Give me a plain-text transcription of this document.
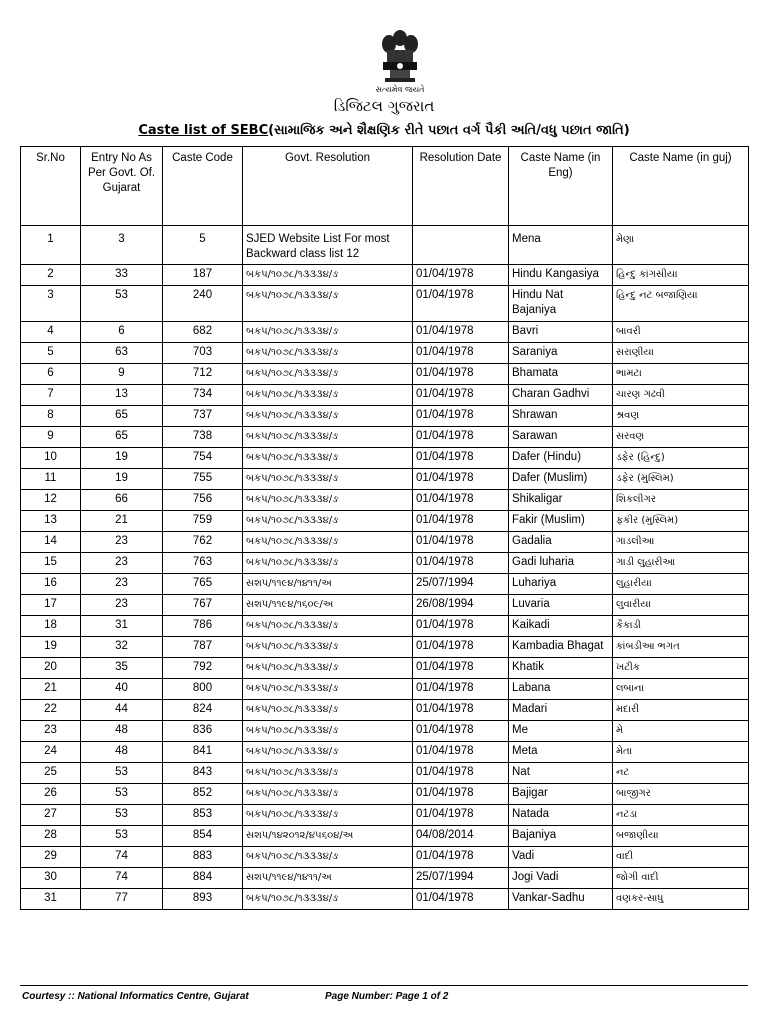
સત્યમેવ જયતે
ડિજિટલ ગુજરાત
Caste list of SEBC(સામાજિક અને શૈક્ષણિક રીતે પછાત વર્ગ પૈકી અતિ/વધુ પછાત જાતિ)
Sr.No	Entry No As Per Govt. Of. Gujarat	Caste Code	Govt. Resolution	Resolution Date	Caste Name (in Eng)	Caste Name (in guj)
1	3	5	SJED Website List For most Backward class list 12		Mena	મેણા
2	33	187	બકપ/૧૦૭૮/૧૩૩૩૪/ઙ	01/04/1978	Hindu Kangasiya	હિન્દુ કાંગસીયા
3	53	240	બકપ/૧૦૭૮/૧૩૩૩૪/ઙ	01/04/1978	Hindu Nat Bajaniya	હિન્દુ નટ બજાણિયા
4	6	682	બકપ/૧૦૭૮/૧૩૩૩૪/ઙ	01/04/1978	Bavri	બાવરી
5	63	703	બકપ/૧૦૭૮/૧૩૩૩૪/ઙ	01/04/1978	Saraniya	સરાણીયા
6	9	712	બકપ/૧૦૭૮/૧૩૩૩૪/ઙ	01/04/1978	Bhamata	ભામટા
7	13	734	બકપ/૧૦૭૮/૧૩૩૩૪/ઙ	01/04/1978	Charan Gadhvi	ચારણ ગઢવી
8	65	737	બકપ/૧૦૭૮/૧૩૩૩૪/ઙ	01/04/1978	Shrawan	શ્રવણ
9	65	738	બકપ/૧૦૭૮/૧૩૩૩૪/ઙ	01/04/1978	Sarawan	સરવણ
10	19	754	બકપ/૧૦૭૮/૧૩૩૩૪/ઙ	01/04/1978	Dafer (Hindu)	ડફેર (હિન્દુ)
11	19	755	બકપ/૧૦૭૮/૧૩૩૩૪/ઙ	01/04/1978	Dafer (Muslim)	ડફેર (મુસ્લિમ)
12	66	756	બકપ/૧૦૭૮/૧૩૩૩૪/ઙ	01/04/1978	Shikaligar	શિકલીગર
13	21	759	બકપ/૧૦૭૮/૧૩૩૩૪/ઙ	01/04/1978	Fakir (Muslim)	ફકીર (મુસ્લિમ)
14	23	762	બકપ/૧૦૭૮/૧૩૩૩૪/ઙ	01/04/1978	Gadalia	ગાડલીઆ
15	23	763	બકપ/૧૦૭૮/૧૩૩૩૪/ઙ	01/04/1978	Gadi luharia	ગાડી લુહારીઆ
16	23	765	સશપ/૧૧૯૪/૧૪૧૧/અ	25/07/1994	Luhariya	લુહારીયા
17	23	767	સશપ/૧૧૯૪/૧૬૦૯/અ	26/08/1994	Luvaria	લુવારીયા
18	31	786	બકપ/૧૦૭૮/૧૩૩૩૪/ઙ	01/04/1978	Kaikadi	કૈકાડી
19	32	787	બકપ/૧૦૭૮/૧૩૩૩૪/ઙ	01/04/1978	Kambadia Bhagat	કાંબડીઆ ભગત
20	35	792	બકપ/૧૦૭૮/૧૩૩૩૪/ઙ	01/04/1978	Khatik	ખટીક
21	40	800	બકપ/૧૦૭૮/૧૩૩૩૪/ઙ	01/04/1978	Labana	લબાના
22	44	824	બકપ/૧૦૭૮/૧૩૩૩૪/ઙ	01/04/1978	Madari	મદારી
23	48	836	બકપ/૧૦૭૮/૧૩૩૩૪/ઙ	01/04/1978	Me	મે
24	48	841	બકપ/૧૦૭૮/૧૩૩૩૪/ઙ	01/04/1978	Meta	મેતા
25	53	843	બકપ/૧૦૭૮/૧૩૩૩૪/ઙ	01/04/1978	Nat	નટ
26	53	852	બકપ/૧૦૭૮/૧૩૩૩૪/ઙ	01/04/1978	Bajigar	બાજીગર
27	53	853	બકપ/૧૦૭૮/૧૩૩૩૪/ઙ	01/04/1978	Natada	નટડા
28	53	854	સશપ/૧૪૨૦૧૨/૪૫૬૦૪/અ	04/08/2014	Bajaniya	બજાણીયા
29	74	883	બકપ/૧૦૭૮/૧૩૩૩૪/ઙ	01/04/1978	Vadi	વાદી
30	74	884	સશપ/૧૧૯૪/૧૪૧૧/અ	25/07/1994	Jogi Vadi	જોગી વાદી
31	77	893	બકપ/૧૦૭૮/૧૩૩૩૪/ઙ	01/04/1978	Vankar-Sadhu	વણકર-સાધુ
Courtesy :: National Informatics Centre, Gujarat	Page Number: Page 1 of 2
